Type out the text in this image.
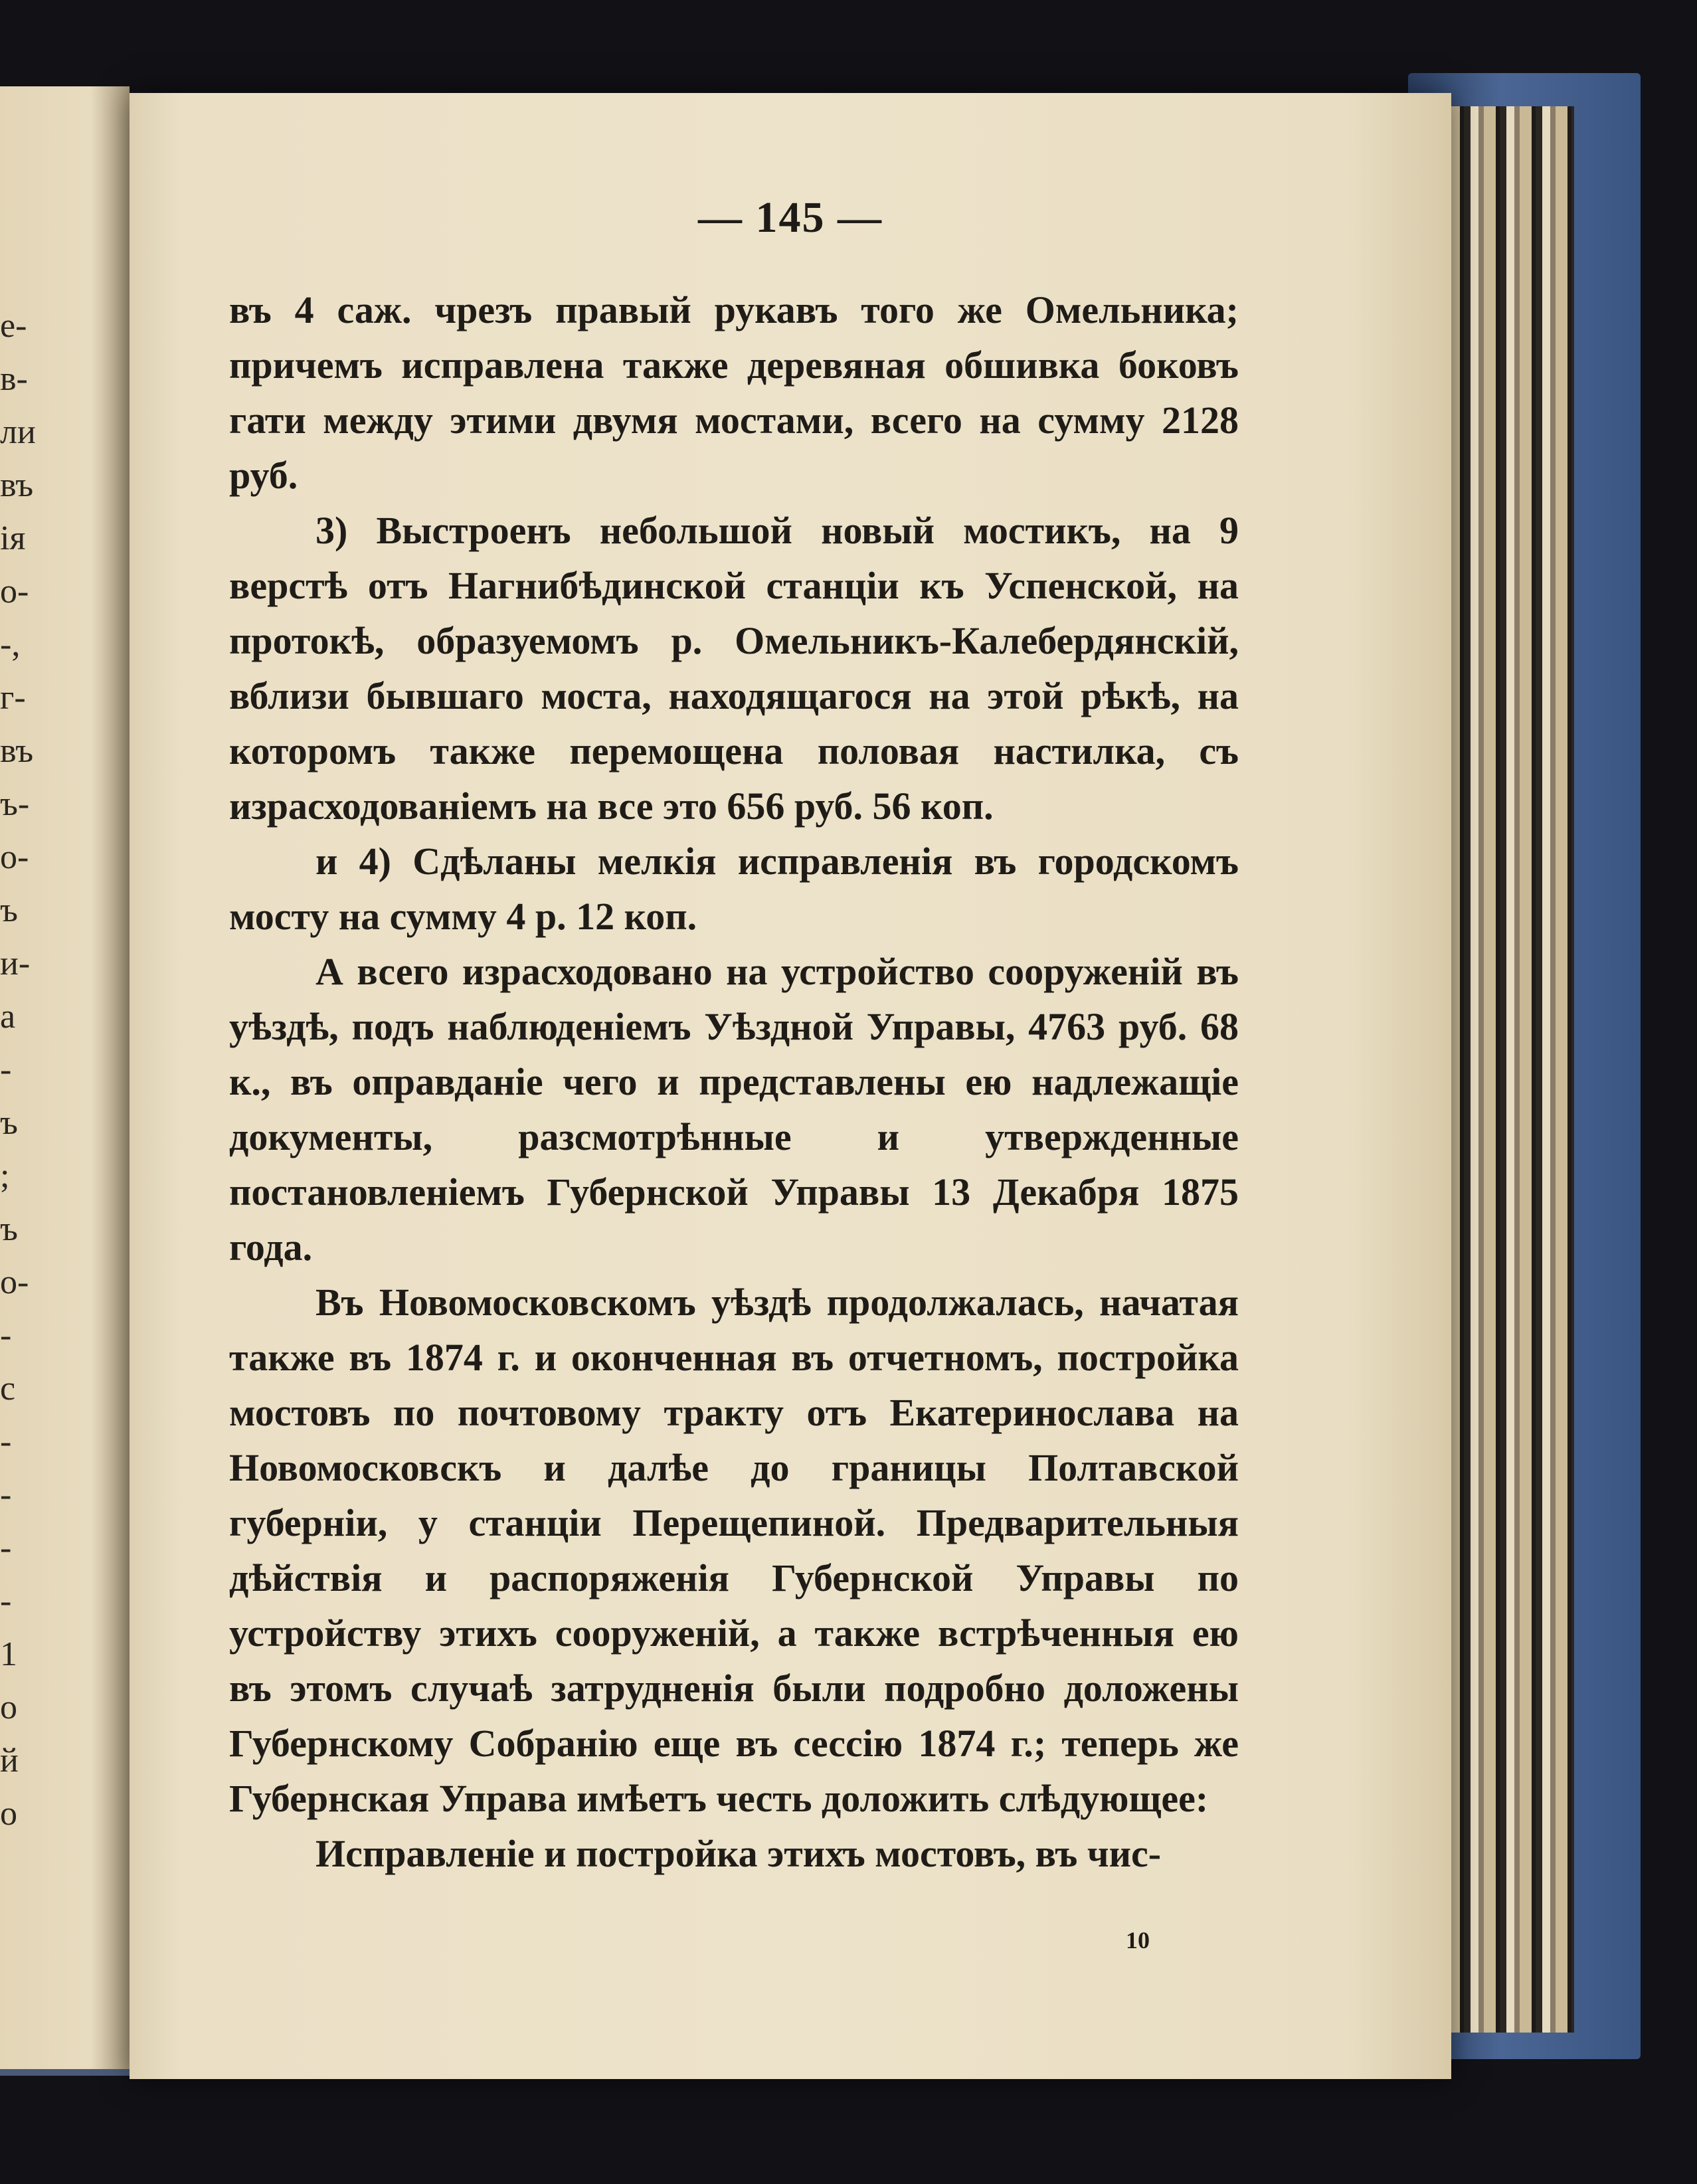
е-
в-
ли
въ
ія
о-
-,
г-
въ
ъ-
о-
ъ
и-
а
-
ъ
;
ъ
о-
-
с
-
-
-
-
1
о
й
о
— 145 —

въ 4 саж. чрезъ правый рукавъ того же Омельника; причемъ исправлена также деревяная обшивка боковъ гати между этими двумя мостами, всего на сумму 2128 руб.

3) Выстроенъ небольшой новый мостикъ, на 9 верстѣ отъ Нагнибѣдинской станціи къ Успенской, на протокѣ, образуемомъ р. Омельникъ-Калебердянскій, вблизи бывшаго моста, находящагося на этой рѣкѣ, на которомъ также перемощена половая настилка, съ израсходованіемъ на все это 656 руб. 56 коп.

и 4) Сдѣланы мелкія исправленія въ городскомъ мосту на сумму 4 р. 12 коп.

А всего израсходовано на устройство сооруженій въ уѣздѣ, подъ наблюденіемъ Уѣздной Управы, 4763 руб. 68 к., въ оправданіе чего и представлены ею надлежащіе документы, разсмотрѣнные и утвержденные постановленіемъ Губернской Управы 13 Декабря 1875 года.

Въ Новомосковскомъ уѣздѣ продолжалась, начатая также въ 1874 г. и оконченная въ отчетномъ, постройка мостовъ по почтовому тракту отъ Екатеринослава на Новомосковскъ и далѣе до границы Полтавской губерніи, у станціи Перещепиной. Предварительныя дѣйствія и распоряженія Губернской Управы по устройству этихъ сооруженій, а также встрѣченныя ею въ этомъ случаѣ затрудненія были подробно доложены Губернскому Собранію еще въ сессію 1874 г.; теперь же Губернская Управа имѣетъ честь доложить слѣдующее:

Исправленіе и постройка этихъ мостовъ, въ чис-

10
